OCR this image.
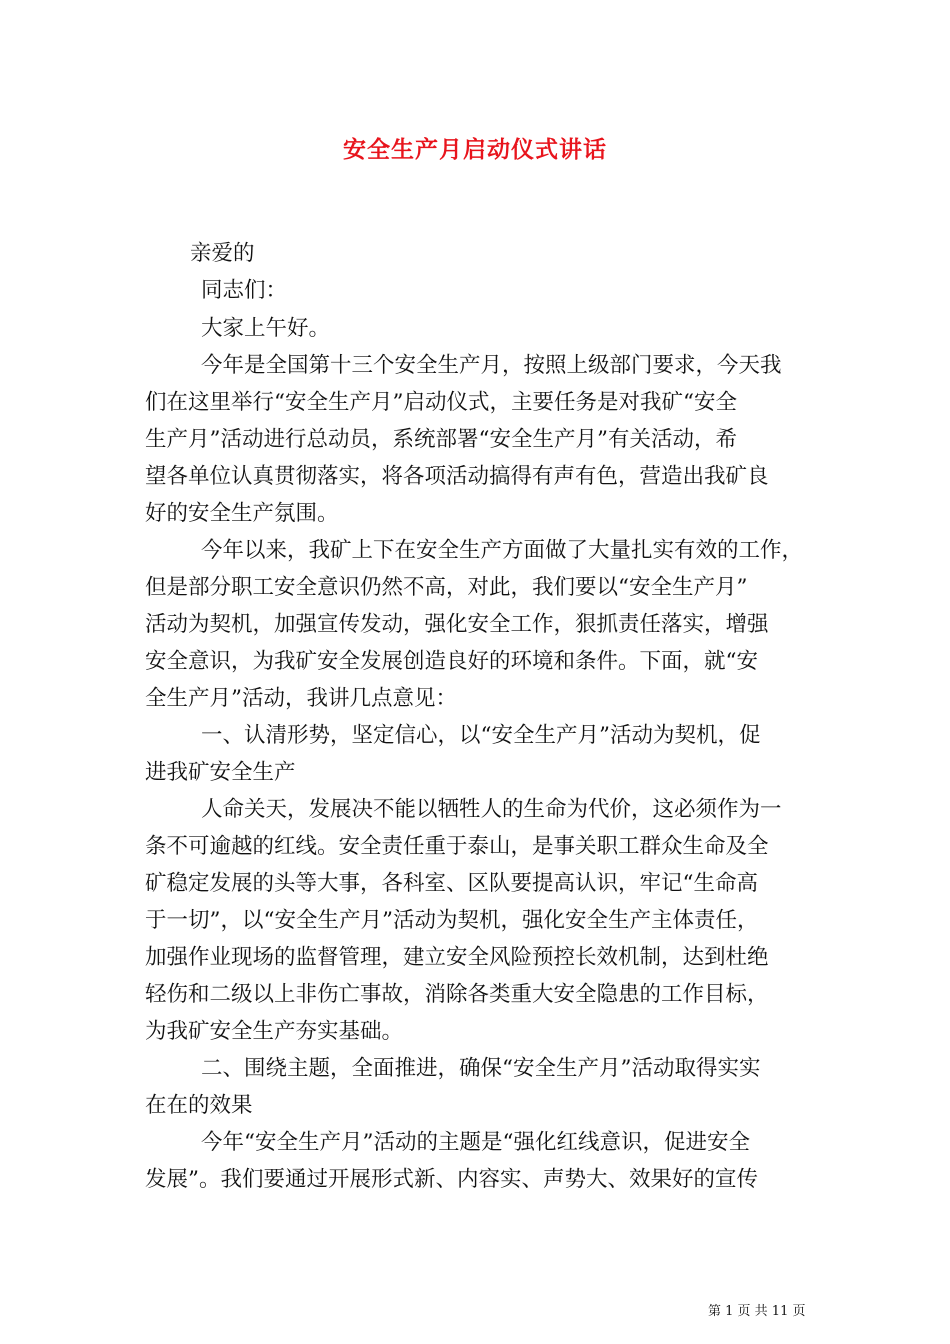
安全生产月启动仪式讲话
亲爱的
同志们：
大家上午好。
今年是全国第十三个安全生产月，按照上级部门要求，今天我
们在这里举行“安全生产月”启动仪式，主要任务是对我矿“安全
生产月”活动进行总动员，系统部署“安全生产月”有关活动，希
望各单位认真贯彻落实，将各项活动搞得有声有色，营造出我矿良
好的安全生产氛围。
今年以来，我矿上下在安全生产方面做了大量扎实有效的工作，
但是部分职工安全意识仍然不高，对此，我们要以“安全生产月”
活动为契机，加强宣传发动，强化安全工作，狠抓责任落实，增强
安全意识，为我矿安全发展创造良好的环境和条件。下面，就“安
全生产月”活动，我讲几点意见：
一、认清形势，坚定信心，以“安全生产月”活动为契机，促
进我矿安全生产
人命关天，发展决不能以牺牲人的生命为代价，这必须作为一
条不可逾越的红线。安全责任重于泰山，是事关职工群众生命及全
矿稳定发展的头等大事，各科室、区队要提高认识，牢记“生命高
于一切”，以“安全生产月”活动为契机，强化安全生产主体责任，
加强作业现场的监督管理，建立安全风险预控长效机制，达到杜绝
轻伤和二级以上非伤亡事故，消除各类重大安全隐患的工作目标，
为我矿安全生产夯实基础。
二、围绕主题，全面推进，确保“安全生产月”活动取得实实
在在的效果
今年“安全生产月”活动的主题是“强化红线意识，促进安全
发展”。我们要通过开展形式新、内容实、声势大、效果好的宣传
第 1 页 共 11 页
